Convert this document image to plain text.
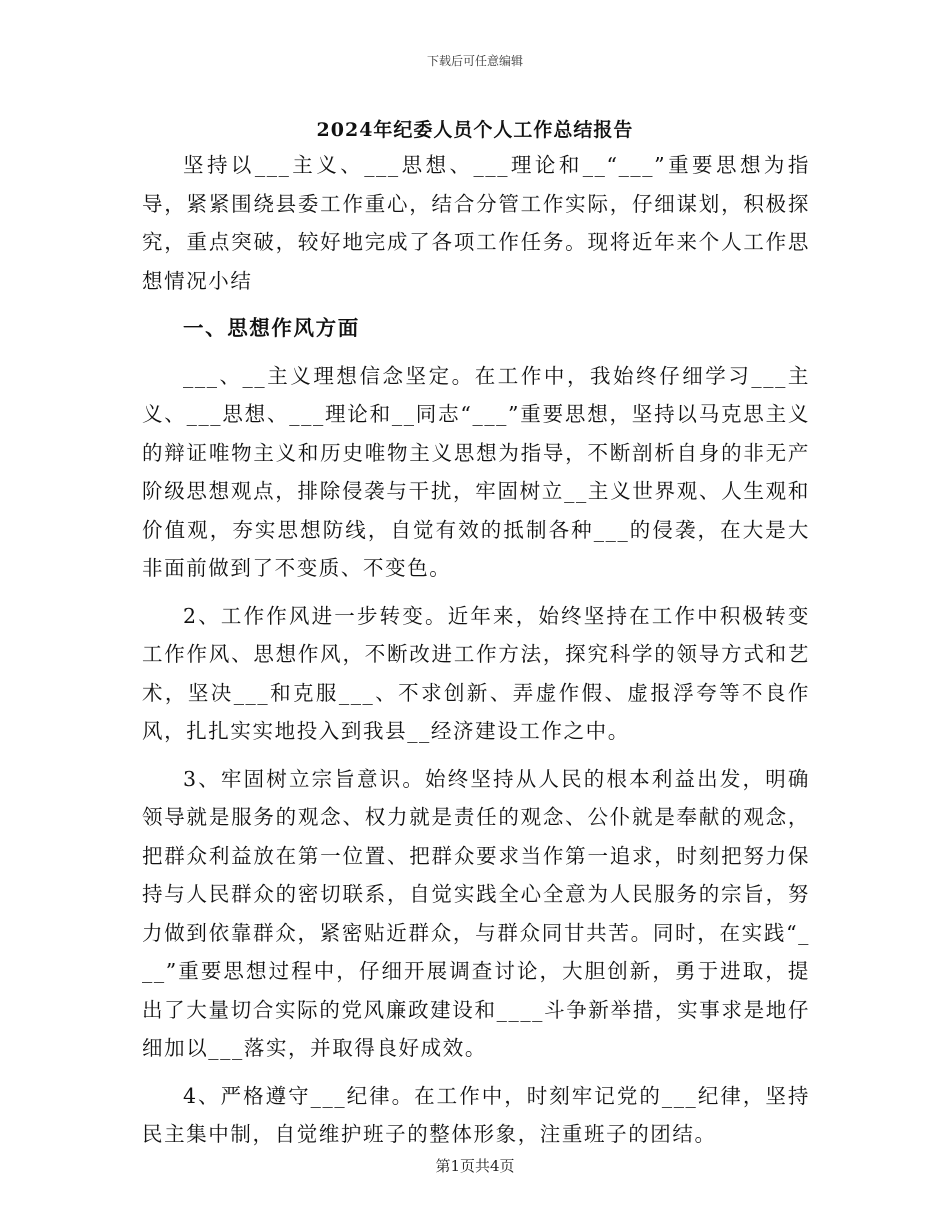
下载后可任意编辑
2024年纪委人员个人工作总结报告

坚持以___主义、___思想、___理论和__“___”重要思想为指导，紧紧围绕县委工作重心，结合分管工作实际，仔细谋划，积极探究，重点突破，较好地完成了各项工作任务。现将近年来个人工作思想情况小结

一、思想作风方面

___、__主义理想信念坚定。在工作中，我始终仔细学习___主义、___思想、___理论和__同志“___”重要思想，坚持以马克思主义的辩证唯物主义和历史唯物主义思想为指导，不断剖析自身的非无产阶级思想观点，排除侵袭与干扰，牢固树立__主义世界观、人生观和价值观，夯实思想防线，自觉有效的抵制各种___的侵袭，在大是大非面前做到了不变质、不变色。

2、工作作风进一步转变。近年来，始终坚持在工作中积极转变工作作风、思想作风，不断改进工作方法，探究科学的领导方式和艺术，坚决___和克服___、不求创新、弄虚作假、虚报浮夸等不良作风，扎扎实实地投入到我县__经济建设工作之中。

3、牢固树立宗旨意识。始终坚持从人民的根本利益出发，明确领导就是服务的观念、权力就是责任的观念、公仆就是奉献的观念，把群众利益放在第一位置、把群众要求当作第一追求，时刻把努力保持与人民群众的密切联系，自觉实践全心全意为人民服务的宗旨，努力做到依靠群众，紧密贴近群众，与群众同甘共苦。同时，在实践“___”重要思想过程中，仔细开展调查讨论，大胆创新，勇于进取，提出了大量切合实际的党风廉政建设和____斗争新举措，实事求是地仔细加以___落实，并取得良好成效。

4、严格遵守___纪律。在工作中，时刻牢记党的___纪律，坚持民主集中制，自觉维护班子的整体形象，注重班子的团结。

第1页共4页
